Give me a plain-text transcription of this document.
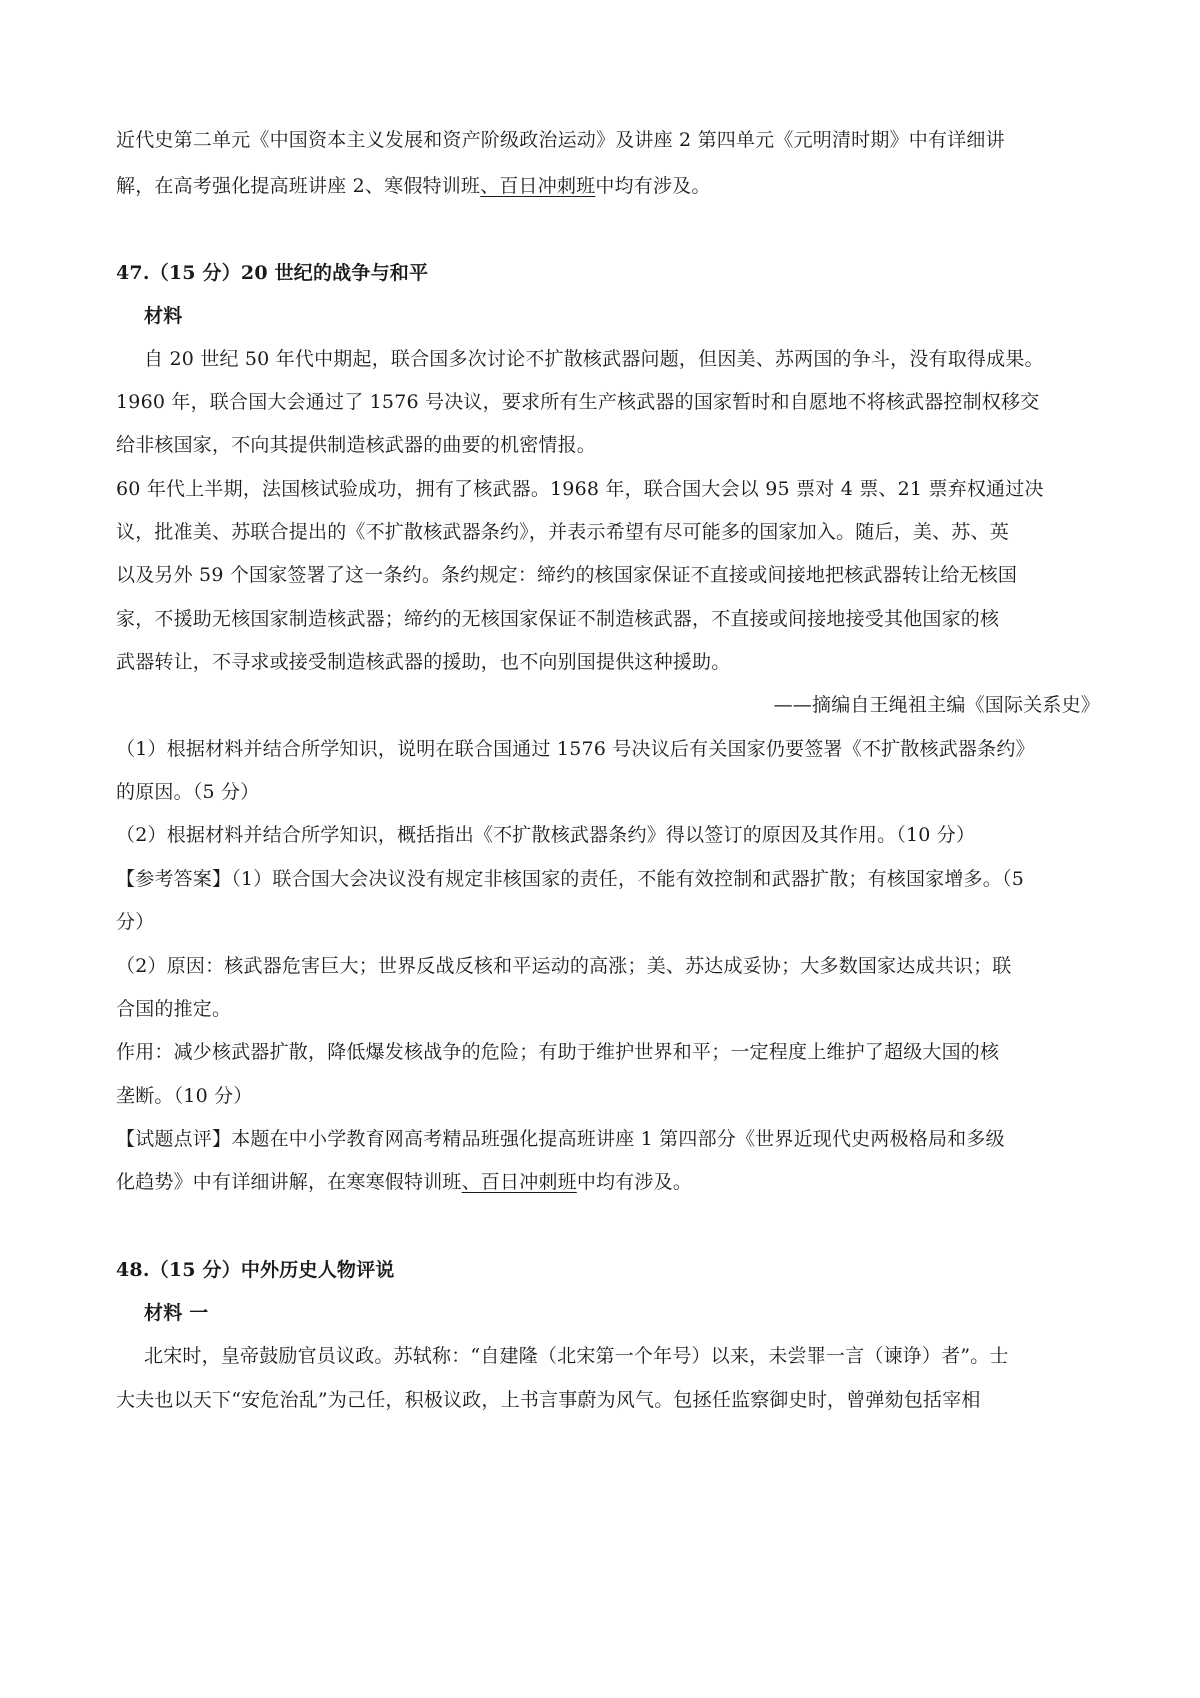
近代史第二单元《中国资本主义发展和资产阶级政治运动》及讲座 2 第四单元《元明清时期》中有详细讲
解，在高考强化提高班讲座 2、寒假特训班、百日冲刺班中均有涉及。
47.（15 分）20 世纪的战争与和平
材料
自 20 世纪 50 年代中期起，联合国多次讨论不扩散核武器问题，但因美、苏两国的争斗，没有取得成果。
1960 年，联合国大会通过了 1576 号决议，要求所有生产核武器的国家暂时和自愿地不将核武器控制权移交
给非核国家，不向其提供制造核武器的曲要的机密情报。
60 年代上半期，法国核试验成功，拥有了核武器。1968 年，联合国大会以 95 票对 4 票、21 票弃权通过决
议，批准美、苏联合提出的《不扩散核武器条约》，并表示希望有尽可能多的国家加入。随后，美、苏、英
以及另外 59 个国家签署了这一条约。条约规定：缔约的核国家保证不直接或间接地把核武器转让给无核国
家，不援助无核国家制造核武器；缔约的无核国家保证不制造核武器，不直接或间接地接受其他国家的核
武器转让，不寻求或接受制造核武器的援助，也不向别国提供这种援助。
——摘编自王绳祖主编《国际关系史》
（1）根据材料并结合所学知识，说明在联合国通过 1576 号决议后有关国家仍要签署《不扩散核武器条约》
的原因。（5 分）
（2）根据材料并结合所学知识，概括指出《不扩散核武器条约》得以签订的原因及其作用。（10 分）
【参考答案】（1）联合国大会决议没有规定非核国家的责任，不能有效控制和武器扩散；有核国家增多。（5
分）
（2）原因：核武器危害巨大；世界反战反核和平运动的高涨；美、苏达成妥协；大多数国家达成共识；联
合国的推定。
作用：减少核武器扩散，降低爆发核战争的危险；有助于维护世界和平；一定程度上维护了超级大国的核
垄断。（10 分）
【试题点评】本题在中小学教育网高考精品班强化提高班讲座 1 第四部分《世界近现代史两极格局和多级
化趋势》中有详细讲解，在寒寒假特训班、百日冲刺班中均有涉及。
48.（15 分）中外历史人物评说
材料 一
北宋时，皇帝鼓励官员议政。苏轼称：“自建隆（北宋第一个年号）以来，未尝罪一言（谏诤）者”。士
大夫也以天下“安危治乱”为己任，积极议政，上书言事蔚为风气。包拯任监察御史时，曾弹劾包括宰相
